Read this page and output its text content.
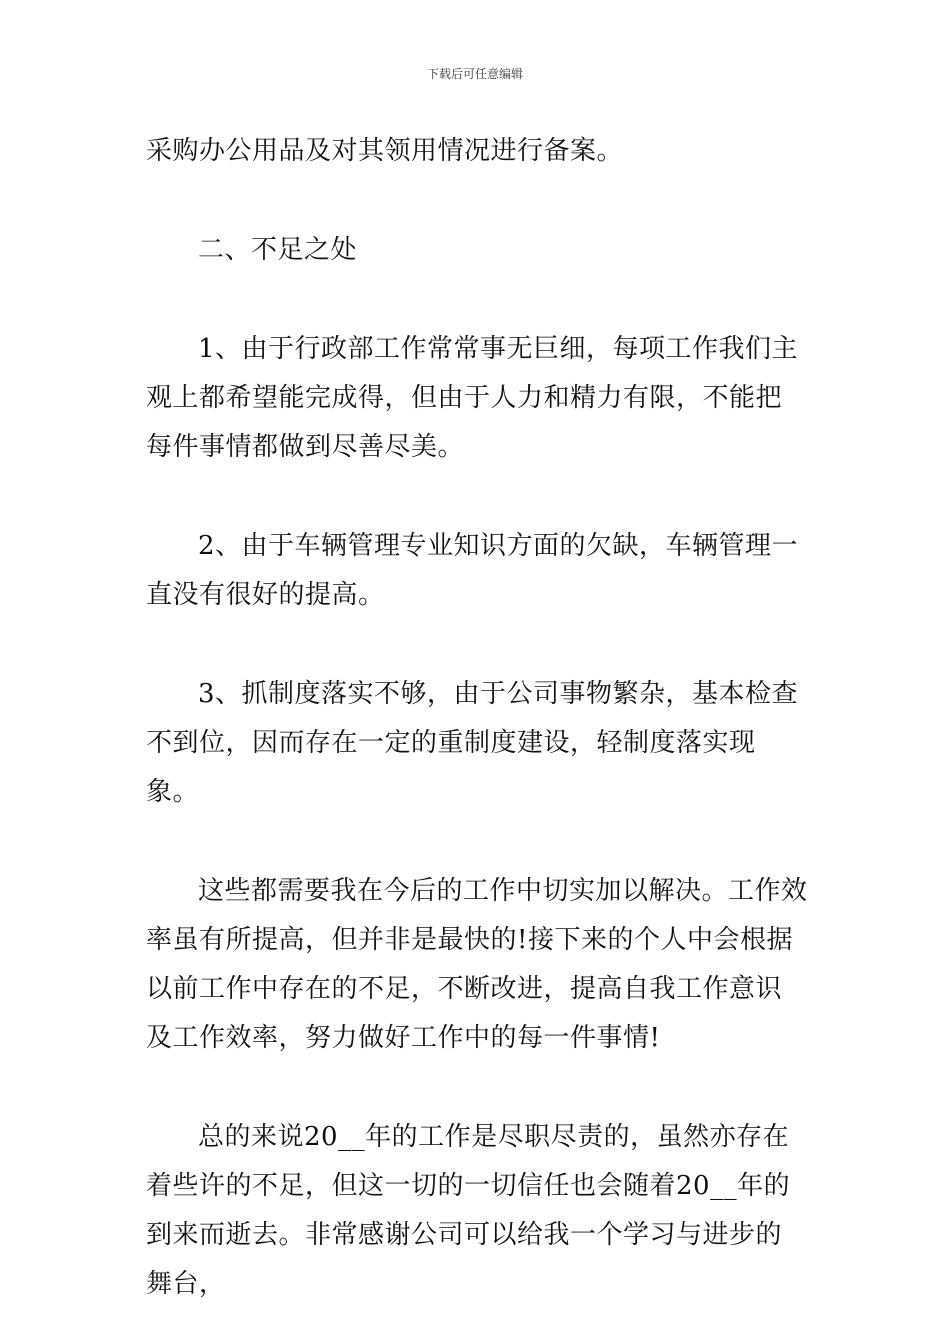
下载后可任意编辑

采购办公用品及对其领用情况进行备案。

二、不足之处

1、由于行政部工作常常事无巨细，每项工作我们主观上都希望能完成得，但由于人力和精力有限，不能把每件事情都做到尽善尽美。

2、由于车辆管理专业知识方面的欠缺，车辆管理一直没有很好的提高。

3、抓制度落实不够，由于公司事物繁杂，基本检查不到位，因而存在一定的重制度建设，轻制度落实现象。

这些都需要我在今后的工作中切实加以解决。工作效率虽有所提高，但并非是最快的!接下来的个人中会根据以前工作中存在的不足，不断改进，提高自我工作意识及工作效率，努力做好工作中的每一件事情!

总的来说20__年的工作是尽职尽责的，虽然亦存在着些许的不足，但这一切的一切信任也会随着20__年的到来而逝去。非常感谢公司可以给我一个学习与进步的舞台，
